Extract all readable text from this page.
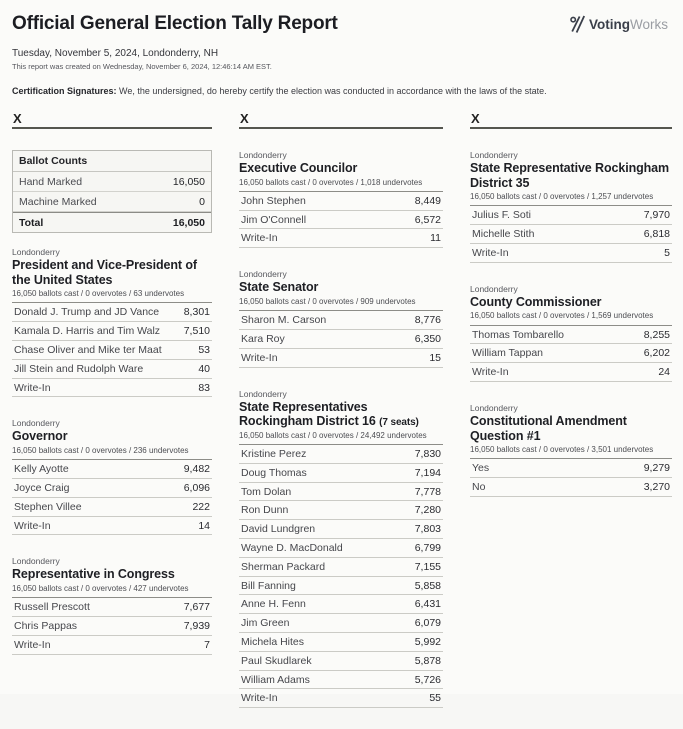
Official General Election Tally Report	VotingWorks
Tuesday, November 5, 2024, Londonderry, NH
This report was created on Wednesday, November 6, 2024, 12:46:14 AM EST.
Certification Signatures: We, the undersigned, do hereby certify the election was conducted in accordance with the laws of the state.
X
Ballot Counts
Hand Marked	16,050
Machine Marked	0
Total	16,050
Londonderry
President and Vice-President of the United States
16,050 ballots cast / 0 overvotes / 63 undervotes
Donald J. Trump and JD Vance 8,301
Kamala D. Harris and Tim Walz 7,510
Chase Oliver and Mike ter Maat	53
Jill Stein and Rudolph Ware	40
Write-In	83
Londonderry
Governor
16,050 ballots cast / 0 overvotes / 236 undervotes
Kelly Ayotte	9,482
Joyce Craig	6,096
Stephen Villee	222
Write-In	14
Londonderry
Representative in Congress
16,050 ballots cast / 0 overvotes / 427 undervotes
Russell Prescott	7,677
Chris Pappas	7,939
Write-In	7
X
Londonderry
Executive Councilor
16,050 ballots cast / 0 overvotes / 1,018 undervotes
John Stephen	8,449
Jim O'Connell	6,572
Write-In	11
Londonderry
State Senator
16,050 ballots cast / 0 overvotes / 909 undervotes
Sharon M. Carson	8,776
Kara Roy	6,350
Write-In	15
Londonderry
State Representatives Rockingham District 16 (7 seats)
16,050 ballots cast / 0 overvotes / 24,492 undervotes
Kristine Perez	7,830
Doug Thomas	7,194
Tom Dolan	7,778
Ron Dunn	7,280
David Lundgren	7,803
Wayne D. MacDonald	6,799
Sherman Packard	7,155
Bill Fanning	5,858
Anne H. Fenn	6,431
Jim Green	6,079
Michela Hites	5,992
Paul Skudlarek	5,878
William Adams	5,726
Write-In	55
X
Londonderry
State Representative Rockingham District 35
16,050 ballots cast / 0 overvotes / 1,257 undervotes
Julius F. Soti	7,970
Michelle Stith	6,818
Write-In	5
Londonderry
County Commissioner
16,050 ballots cast / 0 overvotes / 1,569 undervotes
Thomas Tombarello	8,255
William Tappan	6,202
Write-In	24
Londonderry
Constitutional Amendment Question #1
16,050 ballots cast / 0 overvotes / 3,501 undervotes
Yes	9,279
No	3,270
